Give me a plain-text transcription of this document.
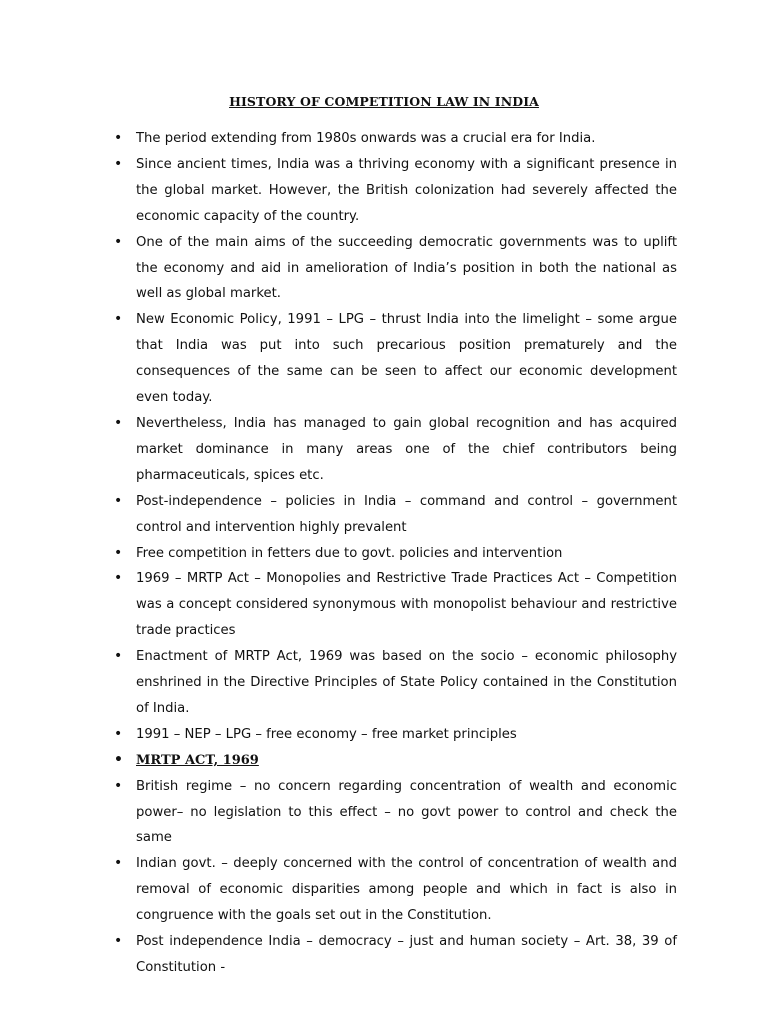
HISTORY OF COMPETITION LAW IN INDIA
• The period extending from 1980s onwards was a crucial era for India.
• Since ancient times, India was a thriving economy with a significant presence in the global market. However, the British colonization had severely affected the economic capacity of the country.
• One of the main aims of the succeeding democratic governments was to uplift the economy and aid in amelioration of India’s position in both the national as well as global market.
• New Economic Policy, 1991 – LPG – thrust India into the limelight – some argue that India was put into such precarious position prematurely and the consequences of the same can be seen to affect our economic development even today.
• Nevertheless, India has managed to gain global recognition and has acquired market dominance in many areas one of the chief contributors being pharmaceuticals, spices etc.
• Post-independence – policies in India – command and control – government control and intervention highly prevalent
• Free competition in fetters due to govt. policies and intervention
• 1969 – MRTP Act – Monopolies and Restrictive Trade Practices Act – Competition was a concept considered synonymous with monopolist behaviour and restrictive trade practices
• Enactment of MRTP Act, 1969 was based on the socio – economic philosophy enshrined in the Directive Principles of State Policy contained in the Constitution of India.
• 1991 – NEP – LPG – free economy – free market principles
• MRTP ACT, 1969
• British regime – no concern regarding concentration of wealth and economic power– no legislation to this effect – no govt power to control and check the same
• Indian govt. – deeply concerned with the control of concentration of wealth and removal of economic disparities among people and which in fact is also in congruence with the goals set out in the Constitution.
• Post independence India – democracy – just and human society – Art. 38, 39 of Constitution -
